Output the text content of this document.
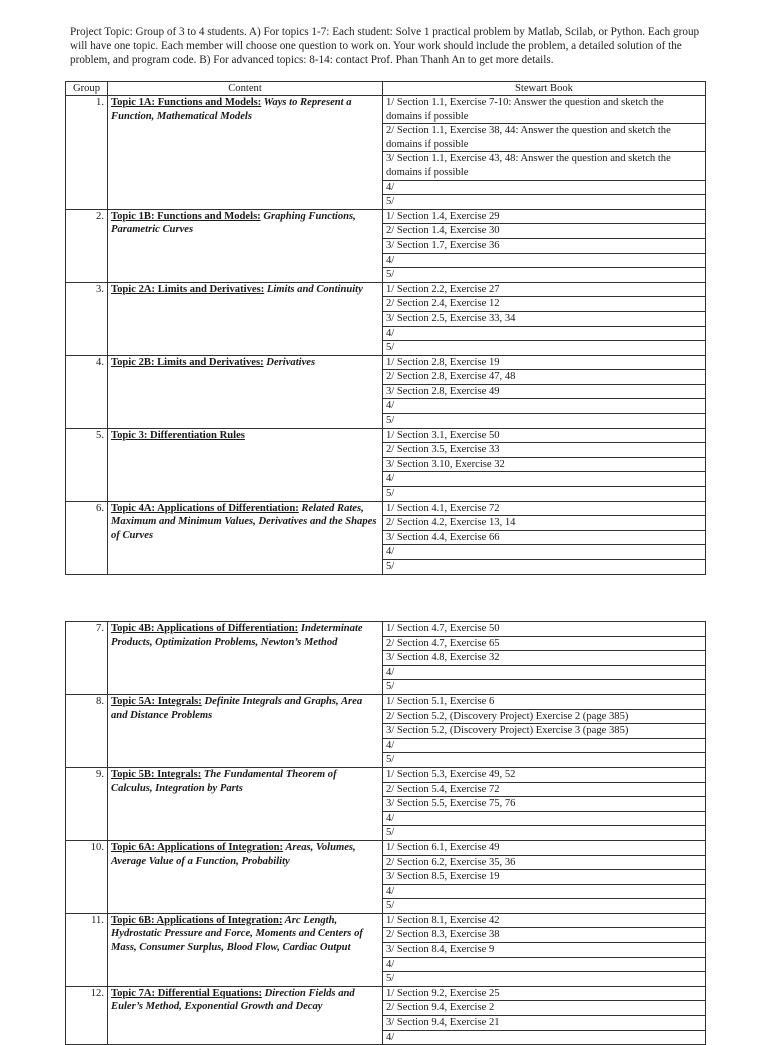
Project Topic: Group of 3 to 4 students. A) For topics 1-7: Each student: Solve 1 practical problem by Matlab, Scilab, or Python. Each group will have one topic. Each member will choose one question to work on. Your work should include the problem, a detailed solution of the problem, and program code. B) For advanced topics: 8-14: contact Prof. Phan Thanh An to get more details.
Group	Content	Stewart Book
1.	Topic 1A: Functions and Models: Ways to Represent a Function, Mathematical Models	1/ Section 1.1, Exercise 7-10: Answer the question and sketch the domains if possible
		2/ Section 1.1, Exercise 38, 44: Answer the question and sketch the domains if possible
		3/ Section 1.1, Exercise 43, 48: Answer the question and sketch the domains if possible
		4/
		5/
2.	Topic 1B: Functions and Models: Graphing Functions, Parametric Curves	1/ Section 1.4, Exercise 29
		2/ Section 1.4, Exercise 30
		3/ Section 1.7, Exercise 36
		4/
		5/
3.	Topic 2A: Limits and Derivatives: Limits and Continuity	1/ Section 2.2, Exercise 27
		2/ Section 2.4, Exercise 12
		3/ Section 2.5, Exercise 33, 34
		4/
		5/
4.	Topic 2B: Limits and Derivatives: Derivatives	1/ Section 2.8, Exercise 19
		2/ Section 2.8, Exercise 47, 48
		3/ Section 2.8, Exercise 49
		4/
		5/
5.	Topic 3: Differentiation Rules	1/ Section 3.1, Exercise 50
		2/ Section 3.5, Exercise 33
		3/ Section 3.10, Exercise 32
		4/
		5/
6.	Topic 4A: Applications of Differentiation: Related Rates, Maximum and Minimum Values, Derivatives and the Shapes of Curves	1/ Section 4.1, Exercise 72
		2/ Section 4.2, Exercise 13, 14
		3/ Section 4.4, Exercise 66
		4/
		5/
7.	Topic 4B: Applications of Differentiation: Indeterminate Products, Optimization Problems, Newton’s Method	1/ Section 4.7, Exercise 50
		2/ Section 4.7, Exercise 65
		3/ Section 4.8, Exercise 32
		4/
		5/
8.	Topic 5A: Integrals: Definite Integrals and Graphs, Area and Distance Problems	1/ Section 5.1, Exercise 6
		2/ Section 5.2, (Discovery Project) Exercise 2 (page 385)
		3/ Section 5.2, (Discovery Project) Exercise 3 (page 385)
		4/
		5/
9.	Topic 5B: Integrals: The Fundamental Theorem of Calculus, Integration by Parts	1/ Section 5.3, Exercise 49, 52
		2/ Section 5.4, Exercise 72
		3/ Section 5.5, Exercise 75, 76
		4/
		5/
10.	Topic 6A: Applications of Integration: Areas, Volumes, Average Value of a Function, Probability	1/ Section 6.1, Exercise 49
		2/ Section 6.2, Exercise 35, 36
		3/ Section 8.5, Exercise 19
		4/
		5/
11.	Topic 6B: Applications of Integration: Arc Length, Hydrostatic Pressure and Force, Moments and Centers of Mass, Consumer Surplus, Blood Flow, Cardiac Output	1/ Section 8.1, Exercise 42
		2/ Section 8.3, Exercise 38
		3/ Section 8.4, Exercise 9
		4/
		5/
12.	Topic 7A: Differential Equations: Direction Fields and Euler’s Method, Exponential Growth and Decay	1/ Section 9.2, Exercise 25
		2/ Section 9.4, Exercise 2
		3/ Section 9.4, Exercise 21
		4/
